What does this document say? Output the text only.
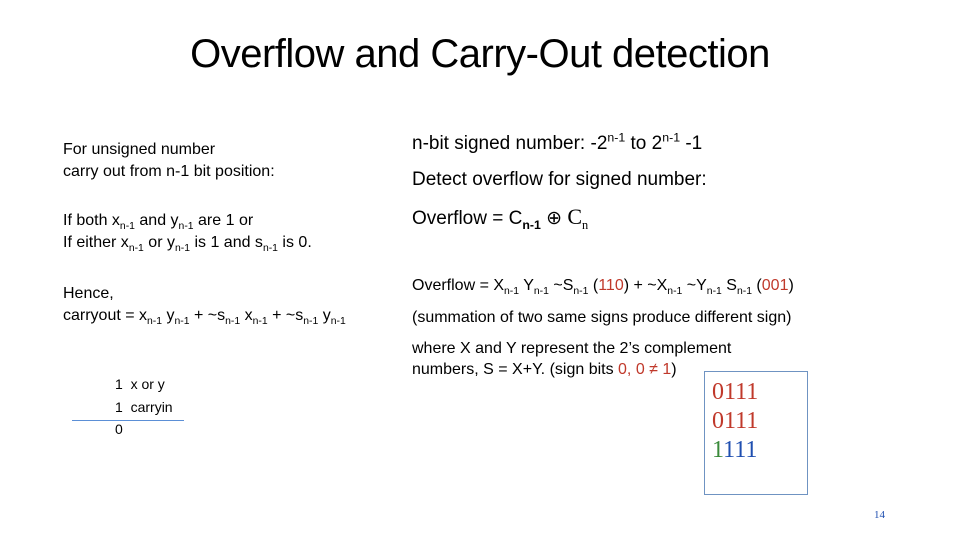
Overflow and Carry-Out detection
For unsigned number
carry out from n-1 bit position:
If both $x_{n-1}$ and $y_{n-1}$ are 1 or
If either $x_{n-1}$ or $y_{n-1}$ is 1 and $s_{n-1}$ is 0.
Hence,
carryout = $x_{n-1}$ $y_{n-1}$ + $\sim s_{n-1}$ $x_{n-1}$ + $\sim s_{n-1}$ $y_{n-1}$
1 x or y
1 carryin
0
n-bit signed number: -2$^{n-1}$ to 2$^{n-1}$ -1
Detect overflow for signed number:
Overflow = $C_{n-1}$ ⊕ $C_n$
Overflow = $X_{n-1}$ $Y_{n-1}$ $\sim S_{n-1}$ $(110) + \sim X_{n-1}$ $\sim Y_{n-1}$ $S_{n-1}$ (001)
(summation of two same signs produce different sign)
where X and Y represent the 2’s complement
numbers, S = X+Y. (sign bits 0, 0 ≠ 1)
0111
0111
1111
14
